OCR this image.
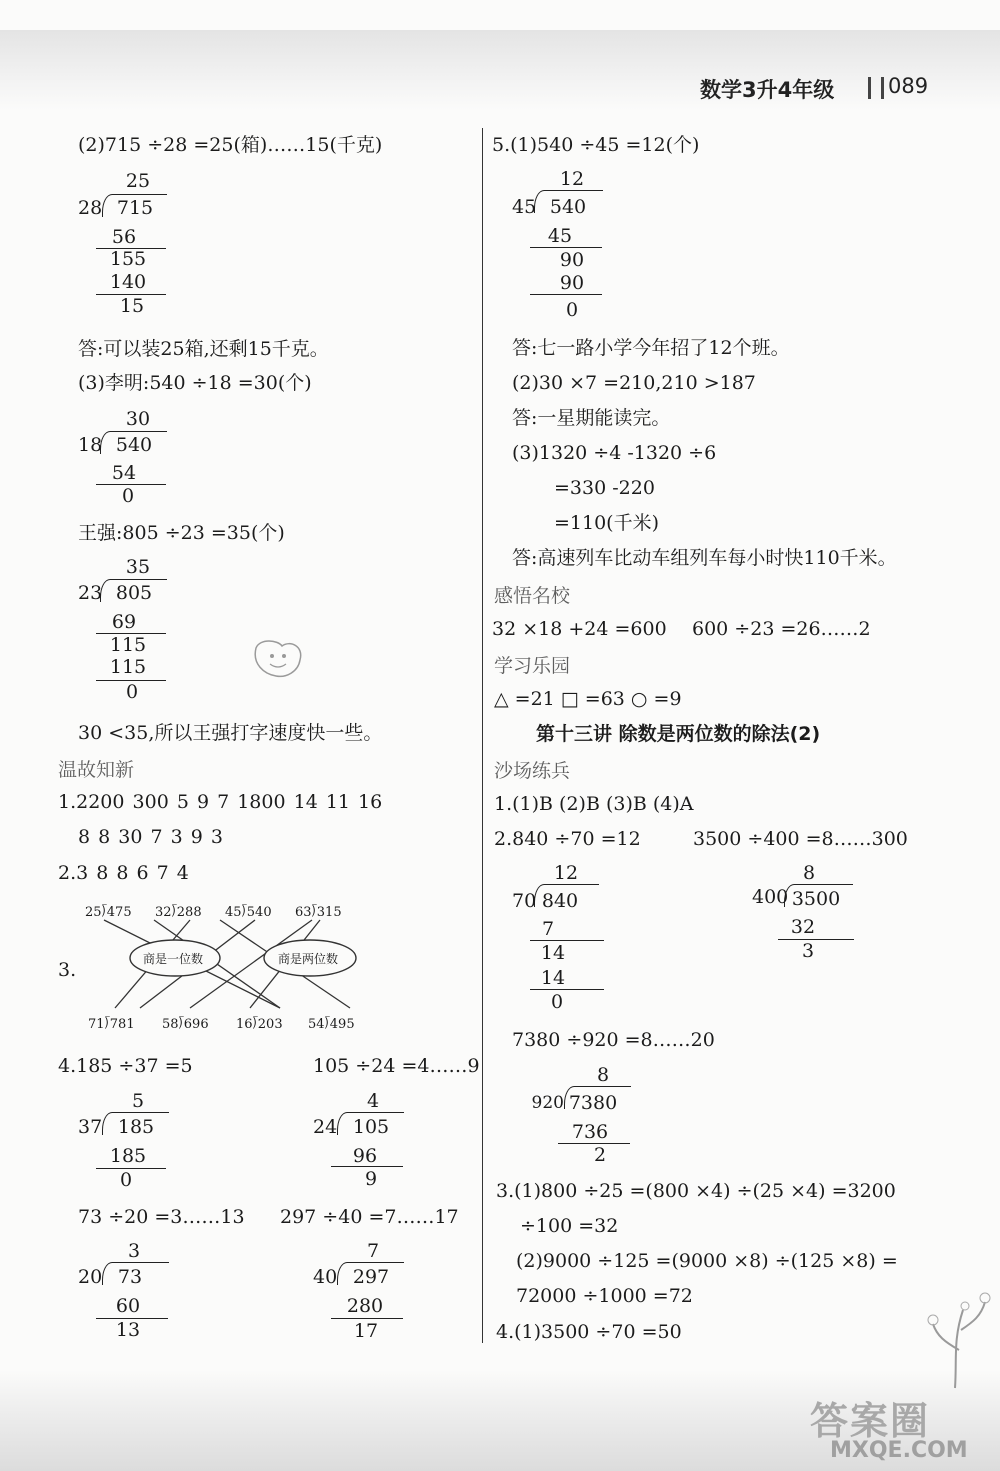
数学3升4年级	089
(2)715 ÷28 =25(箱)……15(千克)
25
28 715
56
155
140
15
答:可以装25箱,还剩15千克。
(3)李明:540 ÷18 =30(个)
30
18 540
54
0
王强:805 ÷23 =35(个)
35
23 805
69
115
115
0
30 <35,所以王强打字速度快一些。
温故知新
1.2200 300 5 9 7 1800 14 11 16
8 8 30 7 3 9 3
2.3 8 8 6 7 4
3.
25⟌475 32⟌288 45⟌540 63⟌315
商是一位数	商是两位数
71⟌781 58⟌696 16⟌203 54⟌495
4.185 ÷37 =5	105 ÷24 =4……9
5
37 185
185
0
4
24 105
96
9
73 ÷20 =3……13 297 ÷40 =7……17
3
20 73
60
13
7
40 297
280
17
5.(1)540 ÷45 =12(个)
12
45 540
45
90
90
0
答:七一路小学今年招了12个班。
(2)30 ×7 =210,210 >187
答:一星期能读完。
(3)1320 ÷4 -1320 ÷6
=330 -220
=110(千米)
答:高速列车比动车组列车每小时快110千米。
感悟名校
32 ×18 +24 =600 600 ÷23 =26……2
学习乐园
△ =21 □ =63 ○ =9
第十三讲 除数是两位数的除法(2)
沙场练兵
1.(1)B (2)B (3)B (4)A
2.840 ÷70 =12	3500 ÷400 =8……300
12
70 840
7
14
14
0
8
400 3500
32
3
7380 ÷920 =8……20
8
920 7380
736
2
3.(1)800 ÷25 =(800 ×4) ÷(25 ×4) =3200
÷100 =32
(2)9000 ÷125 =(9000 ×8) ÷(125 ×8) =
72000 ÷1000 =72
4.(1)3500 ÷70 =50
答案圈
MXQE.COM
